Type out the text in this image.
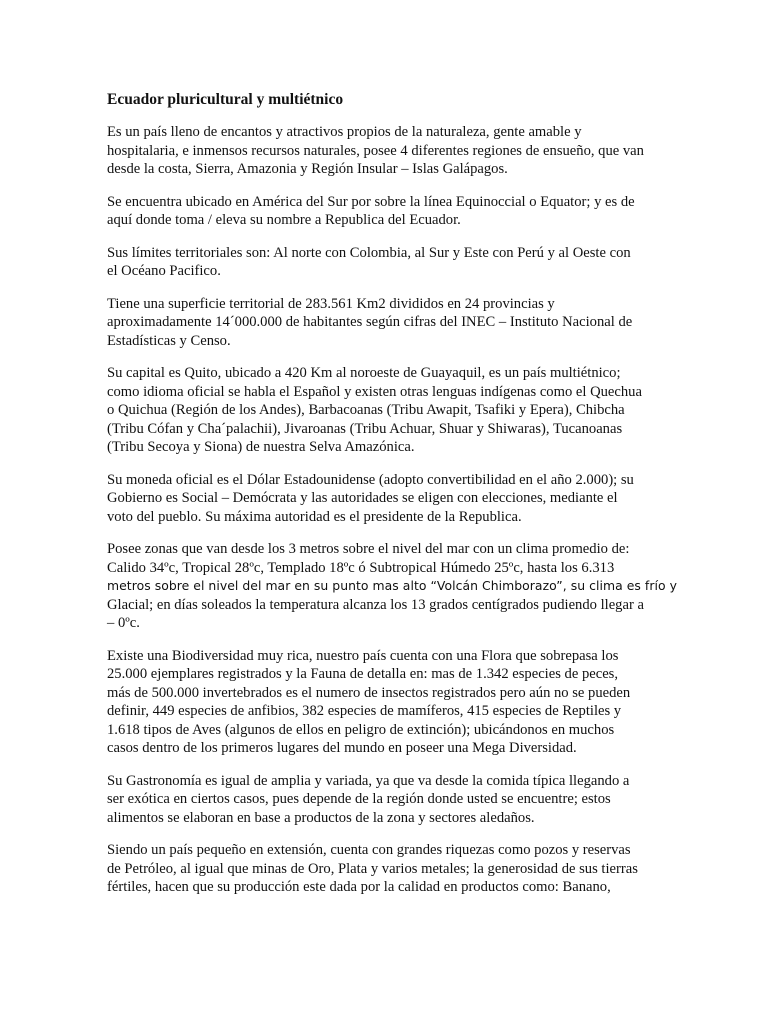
Ecuador pluricultural y multiétnico

Es un país lleno de encantos y atractivos propios de la naturaleza, gente amable y
hospitalaria, e inmensos recursos naturales, posee 4 diferentes regiones de ensueño, que van
desde la costa, Sierra, Amazonia y Región Insular – Islas Galápagos.

Se encuentra ubicado en América del Sur por sobre la línea Equinoccial o Equator; y es de
aquí donde toma / eleva su nombre a Republica del Ecuador.

Sus límites territoriales son: Al norte con Colombia, al Sur y Este con Perú y al Oeste con
el Océano Pacifico.

Tiene una superficie territorial de 283.561 Km2 divididos en 24 provincias y
aproximadamente 14´000.000 de habitantes según cifras del INEC – Instituto Nacional de
Estadísticas y Censo.

Su capital es Quito, ubicado a 420 Km al noroeste de Guayaquil, es un país multiétnico;
como idioma oficial se habla el Español y existen otras lenguas indígenas como el Quechua
o Quichua (Región de los Andes), Barbacoanas (Tribu Awapit, Tsafiki y Epera), Chibcha
(Tribu Cófan y Cha´palachii), Jivaroanas (Tribu Achuar, Shuar y Shiwaras), Tucanoanas
(Tribu Secoya y Siona) de nuestra Selva Amazónica.

Su moneda oficial es el Dólar Estadounidense (adopto convertibilidad en el año 2.000); su
Gobierno es Social – Demócrata y las autoridades se eligen con elecciones, mediante el
voto del pueblo. Su máxima autoridad es el presidente de la Republica.

Posee zonas que van desde los 3 metros sobre el nivel del mar con un clima promedio de:
Calido 34ºc, Tropical 28ºc, Templado 18ºc ó Subtropical Húmedo 25ºc, hasta los 6.313
metros sobre el nivel del mar en su punto mas alto “Volcán Chimborazo”, su clima es frío y
Glacial; en días soleados la temperatura alcanza los 13 grados centígrados pudiendo llegar a
– 0ºc.

Existe una Biodiversidad muy rica, nuestro país cuenta con una Flora que sobrepasa los
25.000 ejemplares registrados y la Fauna de detalla en: mas de 1.342 especies de peces,
más de 500.000 invertebrados es el numero de insectos registrados pero aún no se pueden
definir, 449 especies de anfibios, 382 especies de mamíferos, 415 especies de Reptiles y
1.618 tipos de Aves (algunos de ellos en peligro de extinción); ubicándonos en muchos
casos dentro de los primeros lugares del mundo en poseer una Mega Diversidad.

Su Gastronomía es igual de amplia y variada, ya que va desde la comida típica llegando a
ser exótica en ciertos casos, pues depende de la región donde usted se encuentre; estos
alimentos se elaboran en base a productos de la zona y sectores aledaños.

Siendo un país pequeño en extensión, cuenta con grandes riquezas como pozos y reservas
de Petróleo, al igual que minas de Oro, Plata y varios metales; la generosidad de sus tierras
fértiles, hacen que su producción este dada por la calidad en productos como: Banano,
